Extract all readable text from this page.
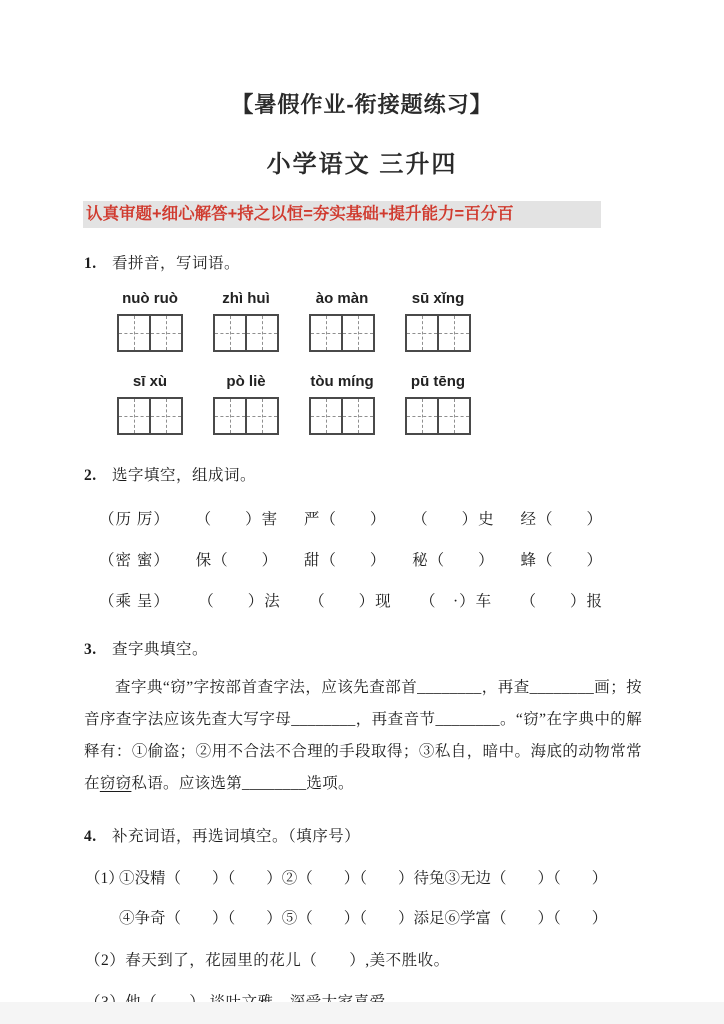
【暑假作业-衔接题练习】
小学语文 三升四
认真审题+细心解答+持之以恒=夯实基础+提升能力=百分百
1. 看拼音，写词语。
nuò ruò	zhì huì	ào màn	sū xǐng
sī xù	pò liè	tòu míng	pū tēng
2. 选字填空，组成词。
（历 厉） （　　）害 严（　　） （　　）史 经（　　）
（密 蜜） 保（　　） 甜（　　） 秘（　　） 蜂（　　）
（乘 呈） （　　）法 （　　）现 （　·）车 （　　）报
3. 查字典填空。

查字典“窃”字按部首查字法，应该先查部首________，再查________画；按音序查字法应该先查大写字母________，再查音节________。“窃”在字典中的解释有：①偷盗；②用不合法不合理的手段取得；③私自，暗中。海底的动物常常在窃窃私语。应该选第________选项。

4. 补充词语，再选词填空。（填序号）
（1）
①没精（　　）（　　） ②（　　）（　　）待兔 ③无边（　　）（　　）
④争奇（　　）（　　） ⑤（　　）（　　）添足 ⑥学富（　　）（　　）

（2）春天到了，花园里的花儿（　　）,美不胜收。
